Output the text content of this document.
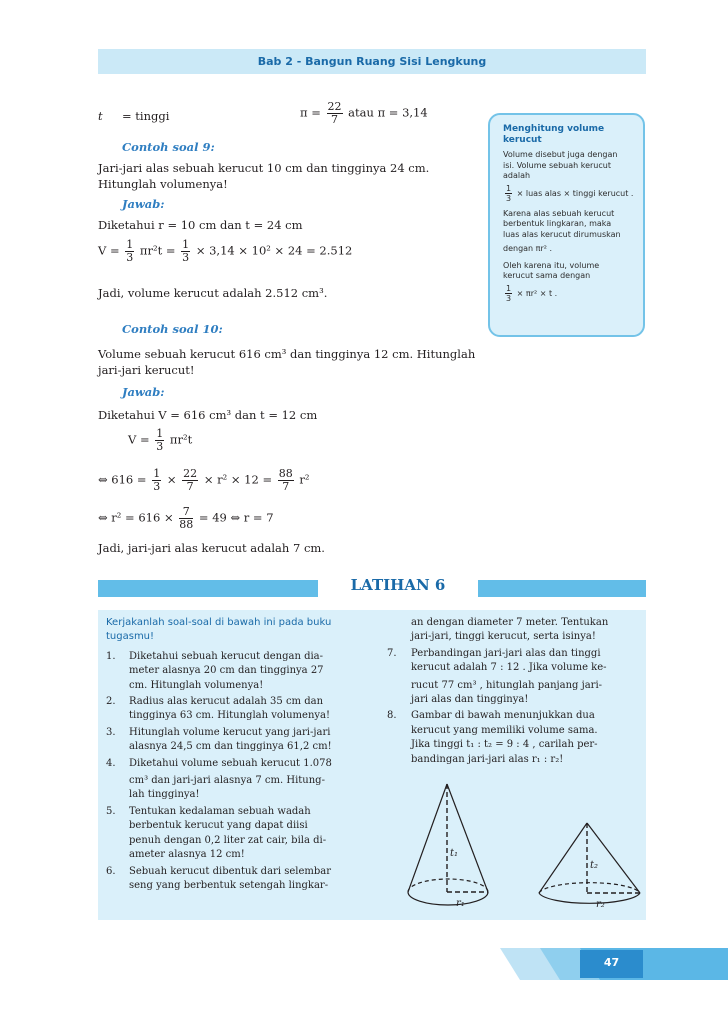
Bab 2 - Bangun Ruang Sisi Lengkung
t = tinggi	$\pi = \frac{22}{7}$ atau π = 3,14
Contoh soal 9:
Jari-jari alas sebuah kerucut 10 cm dan tingginya 24 cm.
Hitunglah volumenya!
Jawab:
Diketahui r = 10 cm dan t = 24 cm
$V = \frac{1}{3} \pi r^2t = \frac{1}{3} \times 3,14 \times 10^2 \times 24 = 2.512$
Jadi, volume kerucut adalah 2.512 cm³.
Contoh soal 10:
Volume sebuah kerucut 616 cm³ dan tingginya 12 cm. Hitunglah
jari-jari kerucut!
Jawab:
Diketahui V = 616 cm³ dan t = 12 cm
$V = \frac{1}{3} \pi r^2t$
⇔ $616 = \frac{1}{3} \times \frac{22}{7} \times r^2 \times 12 = \frac{88}{7} r^2$
⇔ $r^2 = 616 \times \frac{7}{88} = 49$ ⇔ r = 7
Jadi, jari-jari alas kerucut adalah 7 cm.
Menghitung volume
kerucut
Volume disebut juga dengan
isi. Volume sebuah kerucut
adalah
$\frac{1}{3}$ × luas alas × tinggi kerucut .
Karena alas sebuah kerucut
berbentuk lingkaran, maka
luas alas kerucut dirumuskan
dengan πr² .
Oleh karena itu, volume
kerucut sama dengan
$\frac{1}{3} \times \pi r^2 \times t$ .
LATIHAN 6
Kerjakanlah soal-soal di bawah ini pada buku
tugasmu!
1. Diketahui sebuah kerucut dengan dia-
meter alasnya 20 cm dan tingginya 27
cm. Hitunglah volumenya!
2. Radius alas kerucut adalah 35 cm dan
tingginya 63 cm. Hitunglah volumenya!
3. Hitunglah volume kerucut yang jari-jari
alasnya 24,5 cm dan tingginya 61,2 cm!
4. Diketahui volume sebuah kerucut 1.078
cm³ dan jari-jari alasnya 7 cm. Hitung-
lah tingginya!
5. Tentukan kedalaman sebuah wadah
berbentuk kerucut yang dapat diisi
penuh dengan 0,2 liter zat cair, bila di-
ameter alasnya 12 cm!
6. Sebuah kerucut dibentuk dari selembar
seng yang berbentuk setengah lingkar-
an dengan diameter 7 meter. Tentukan
jari-jari, tinggi kerucut, serta isinya!
7. Perbandingan jari-jari alas dan tinggi
kerucut adalah 7 : 12 . Jika volume ke-
rucut 77 cm³ , hitunglah panjang jari-
jari alas dan tingginya!
8. Gambar di bawah menunjukkan dua
kerucut yang memiliki volume sama.
Jika tinggi t₁ : t₂ = 9 : 4 , carilah per-
bandingan jari-jari alas r₁ : r₂!
t₁
r₁
t₂
r₂
47
